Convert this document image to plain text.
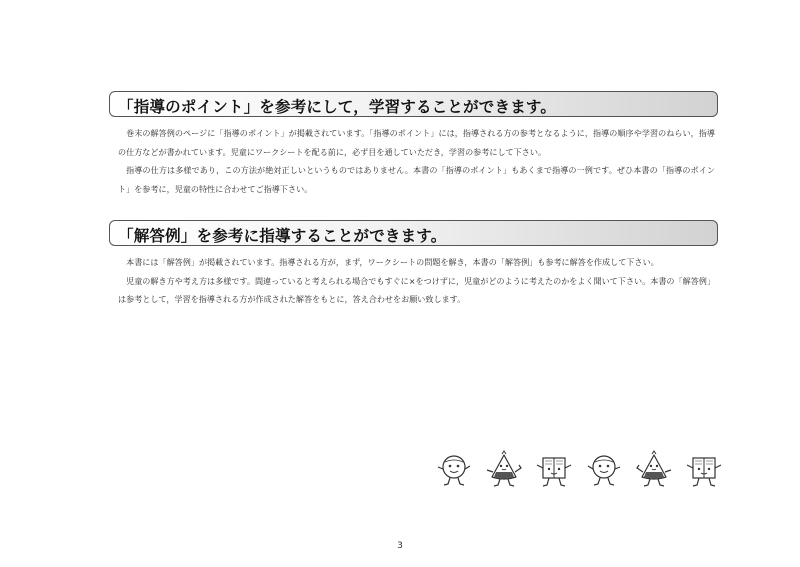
「指導のポイント」を参考にして，学習することができます。

巻末の解答例のページに「指導のポイント」が掲載されています。「指導のポイント」には，指導される方の参考となるように，指導の順序や学習のねらい，指導の仕方などが書かれています。児童にワークシートを配る前に，必ず目を通していただき，学習の参考にして下さい。

指導の仕方は多様であり，この方法が絶対正しいというものではありません。本書の「指導のポイント」もあくまで指導の一例です。ぜひ本書の「指導のポイント」を参考に，児童の特性に合わせてご指導下さい。

「解答例」を参考に指導することができます。

本書には「解答例」が掲載されています。指導される方が，まず，ワークシートの問題を解き，本書の「解答例」も参考に解答を作成して下さい。

児童の解き方や考え方は多様です。間違っていると考えられる場合でもすぐに×をつけずに，児童がどのように考えたのかをよく聞いて下さい。本書の「解答例」は参考として，学習を指導される方が作成された解答をもとに，答え合わせをお願い致します。

3
